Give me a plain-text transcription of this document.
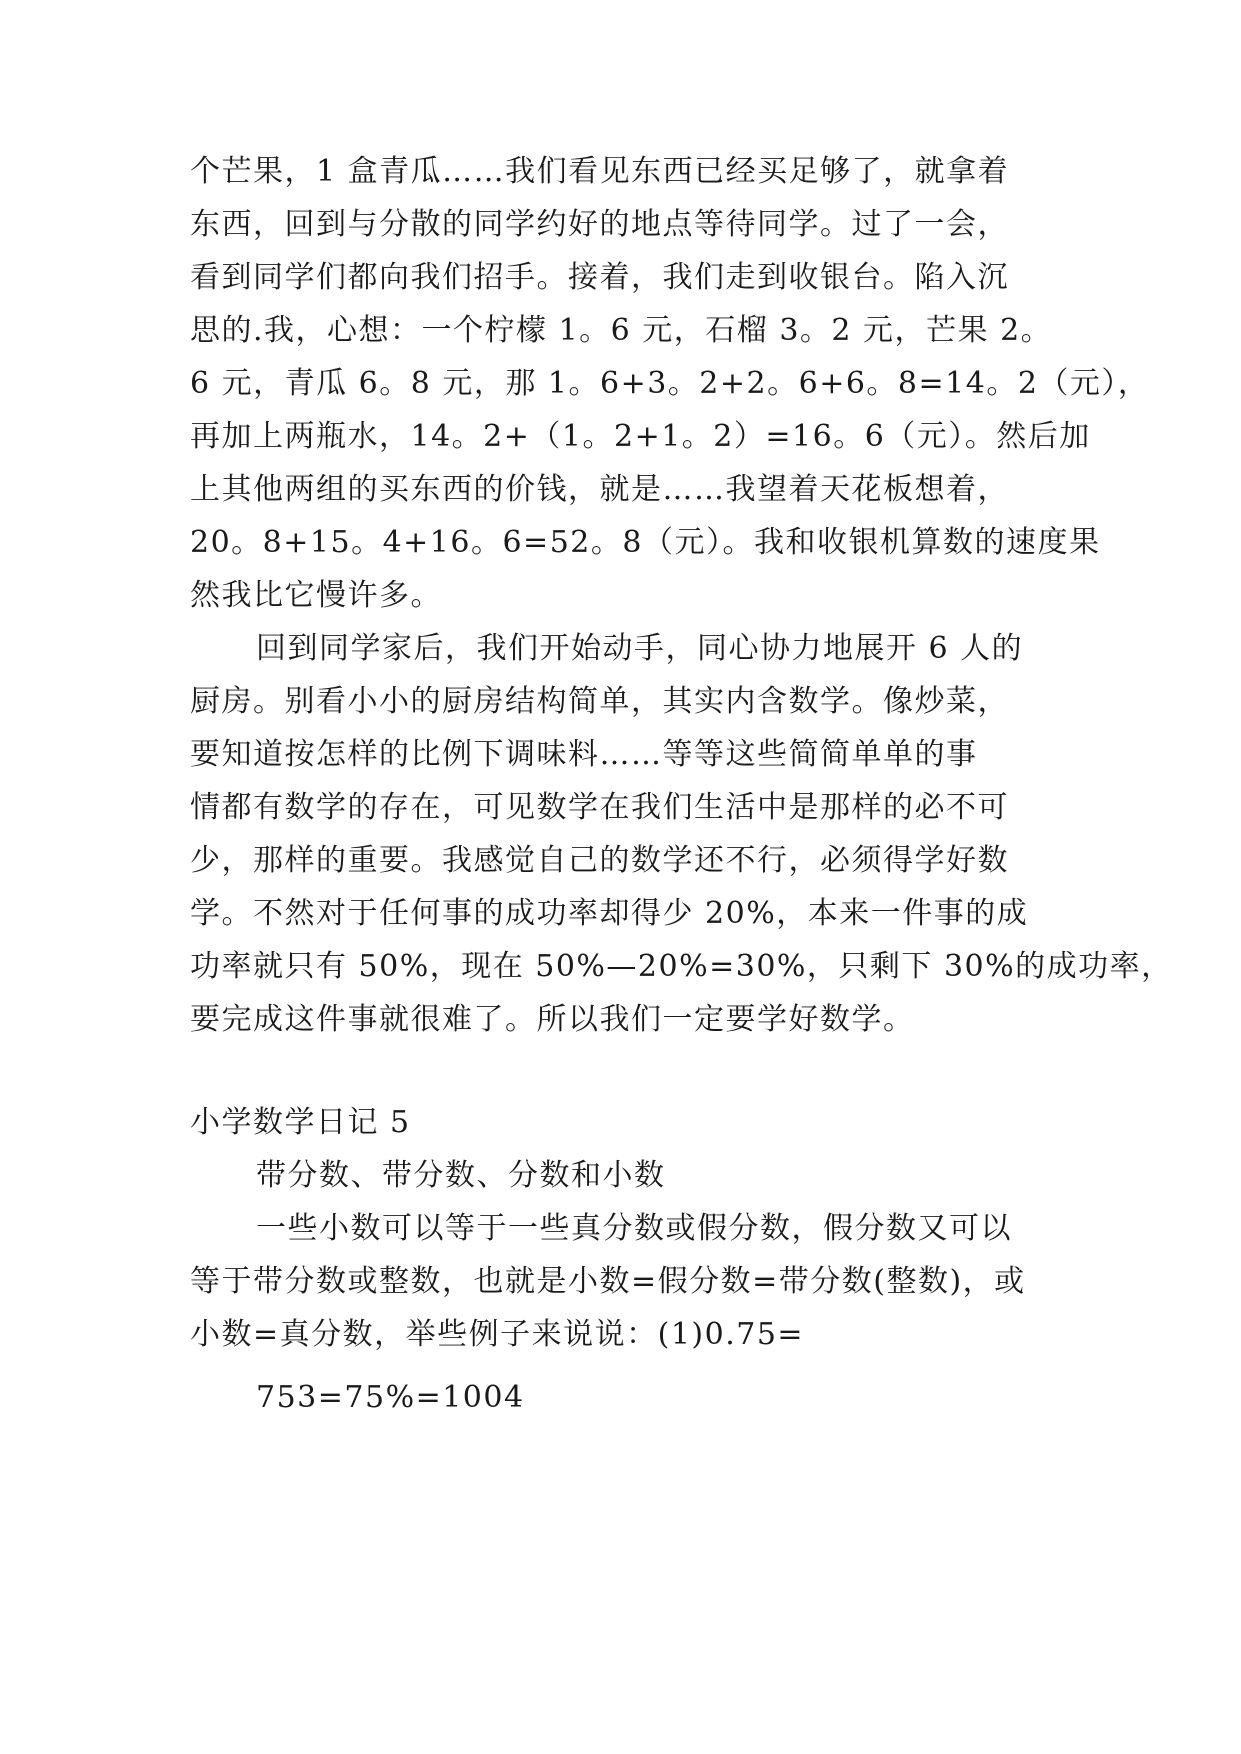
个芒果，1 盒青瓜……我们看见东西已经买足够了，就拿着
东西，回到与分散的同学约好的地点等待同学。过了一会，
看到同学们都向我们招手。接着，我们走到收银台。陷入沉
思的.我，心想：一个柠檬 1。6 元，石榴 3。2 元，芒果 2。
6 元，青瓜 6。8 元，那 1。6+3。2+2。6+6。8=14。2（元），
再加上两瓶水，14。2+（1。2+1。2）=16。6（元）。然后加
上其他两组的买东西的价钱，就是……我望着天花板想着，
20。8+15。4+16。6=52。8（元）。我和收银机算数的速度果
然我比它慢许多。
回到同学家后，我们开始动手，同心协力地展开 6 人的
厨房。别看小小的厨房结构简单，其实内含数学。像炒菜，
要知道按怎样的比例下调味料……等等这些简简单单的事
情都有数学的存在，可见数学在我们生活中是那样的必不可
少，那样的重要。我感觉自己的数学还不行，必须得学好数
学。不然对于任何事的成功率却得少 20%，本来一件事的成
功率就只有 50%，现在 50%—20%=30%，只剩下 30%的成功率，
要完成这件事就很难了。所以我们一定要学好数学。
小学数学日记 5
带分数、带分数、分数和小数
一些小数可以等于一些真分数或假分数，假分数又可以
等于带分数或整数，也就是小数=假分数=带分数(整数)，或
小数=真分数，举些例子来说说：(1)0.75=
753=75%=1004
